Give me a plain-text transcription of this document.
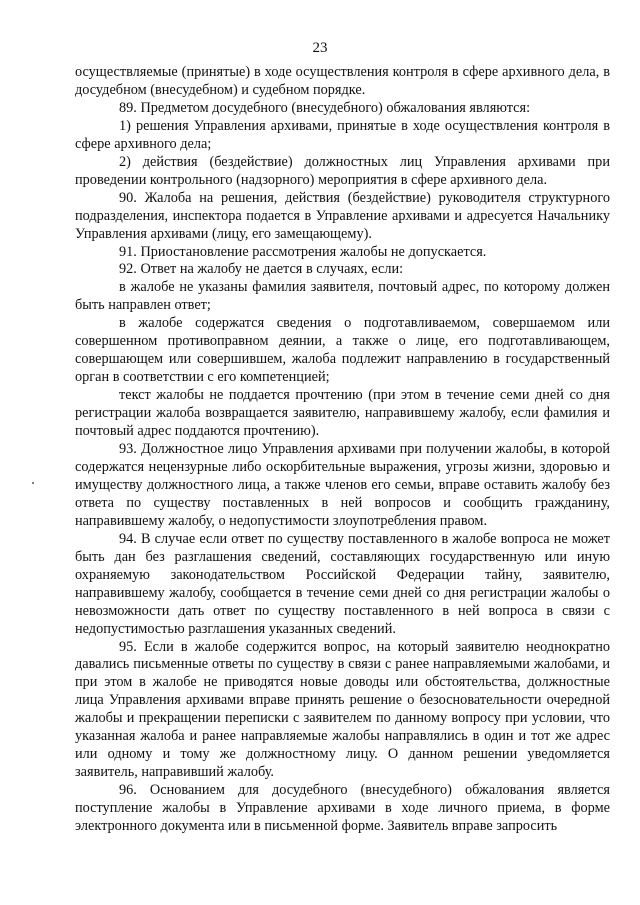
23

осуществляемые (принятые) в ходе осуществления контроля в сфере архивного дела, в досудебном (внесудебном) и судебном порядке.

89. Предметом досудебного (внесудебного) обжалования являются:

1) решения Управления архивами, принятые в ходе осуществления контроля в сфере архивного дела;

2) действия (бездействие) должностных лиц Управления архивами при проведении контрольного (надзорного) мероприятия в сфере архивного дела.

90. Жалоба на решения, действия (бездействие) руководителя структурного подразделения, инспектора подается в Управление архивами и адресуется Начальнику Управления архивами (лицу, его замещающему).

91. Приостановление рассмотрения жалобы не допускается.

92. Ответ на жалобу не дается в случаях, если:

в жалобе не указаны фамилия заявителя, почтовый адрес, по которому должен быть направлен ответ;

в жалобе содержатся сведения о подготавливаемом, совершаемом или совершенном противоправном деянии, а также о лице, его подготавливающем, совершающем или совершившем, жалоба подлежит направлению в государственный орган в соответствии с его компетенцией;

текст жалобы не поддается прочтению (при этом в течение семи дней со дня регистрации жалоба возвращается заявителю, направившему жалобу, если фамилия и почтовый адрес поддаются прочтению).

93. Должностное лицо Управления архивами при получении жалобы, в которой содержатся нецензурные либо оскорбительные выражения, угрозы жизни, здоровью и имуществу должностного лица, а также членов его семьи, вправе оставить жалобу без ответа по существу поставленных в ней вопросов и сообщить гражданину, направившему жалобу, о недопустимости злоупотребления правом.

94. В случае если ответ по существу поставленного в жалобе вопроса не может быть дан без разглашения сведений, составляющих государственную или иную охраняемую законодательством Российской Федерации тайну, заявителю, направившему жалобу, сообщается в течение семи дней со дня регистрации жалобы о невозможности дать ответ по существу поставленного в ней вопроса в связи с недопустимостью разглашения указанных сведений.

95. Если в жалобе содержится вопрос, на который заявителю неоднократно давались письменные ответы по существу в связи с ранее направляемыми жалобами, и при этом в жалобе не приводятся новые доводы или обстоятельства, должностные лица Управления архивами вправе принять решение о безосновательности очередной жалобы и прекращении переписки с заявителем по данному вопросу при условии, что указанная жалоба и ранее направляемые жалобы направлялись в один и тот же адрес или одному и тому же должностному лицу. О данном решении уведомляется заявитель, направивший жалобу.

96. Основанием для досудебного (внесудебного) обжалования является поступление жалобы в Управление архивами в ходе личного приема, в форме электронного документа или в письменной форме. Заявитель вправе запросить
